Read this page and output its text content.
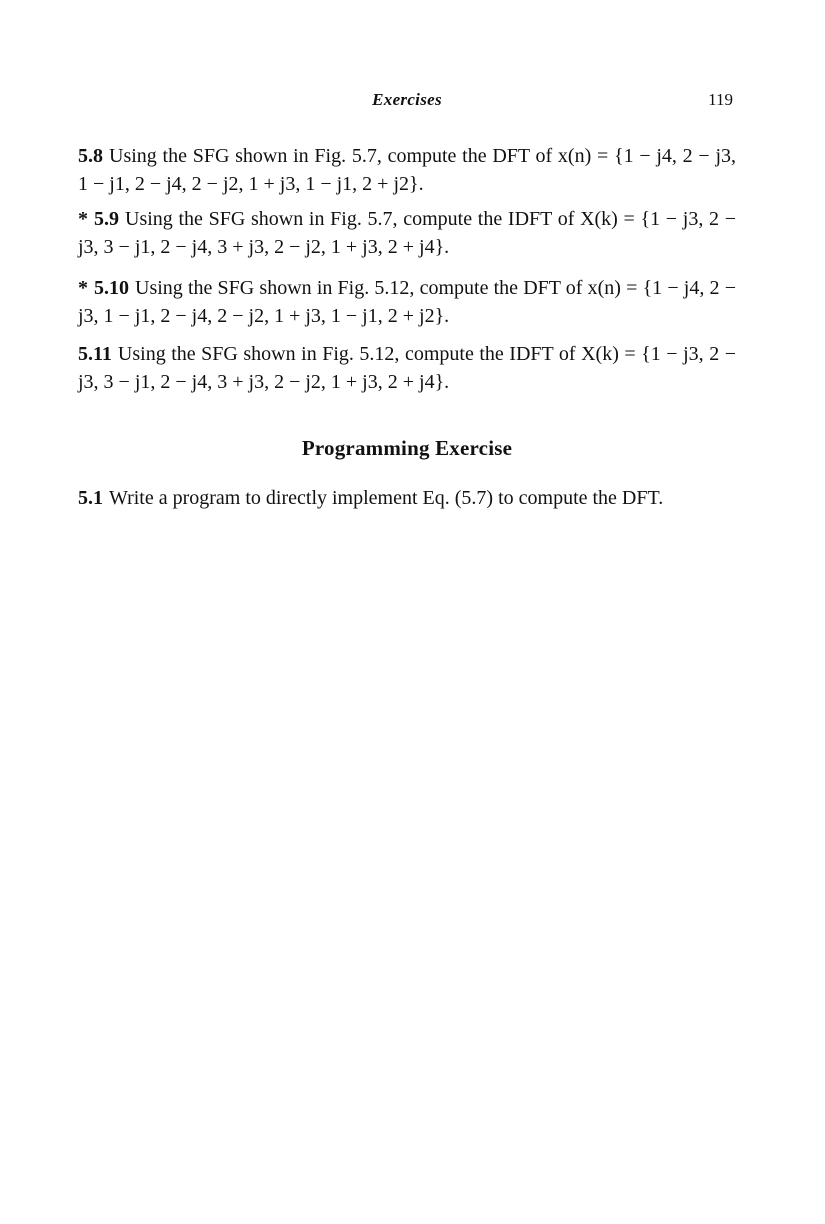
Exercises	119
5.8 Using the SFG shown in Fig. 5.7, compute the DFT of x(n) = {1 − j4, 2 − j3, 1 − j1, 2 − j4, 2 − j2, 1 + j3, 1 − j1, 2 + j2}.
* 5.9 Using the SFG shown in Fig. 5.7, compute the IDFT of X(k) = {1 − j3, 2 − j3, 3 − j1, 2 − j4, 3 + j3, 2 − j2, 1 + j3, 2 + j4}.
* 5.10 Using the SFG shown in Fig. 5.12, compute the DFT of x(n) = {1 − j4, 2 − j3, 1 − j1, 2 − j4, 2 − j2, 1 + j3, 1 − j1, 2 + j2}.
5.11 Using the SFG shown in Fig. 5.12, compute the IDFT of X(k) = {1 − j3, 2 − j3, 3 − j1, 2 − j4, 3 + j3, 2 − j2, 1 + j3, 2 + j4}.
Programming Exercise
5.1 Write a program to directly implement Eq. (5.7) to compute the DFT.
